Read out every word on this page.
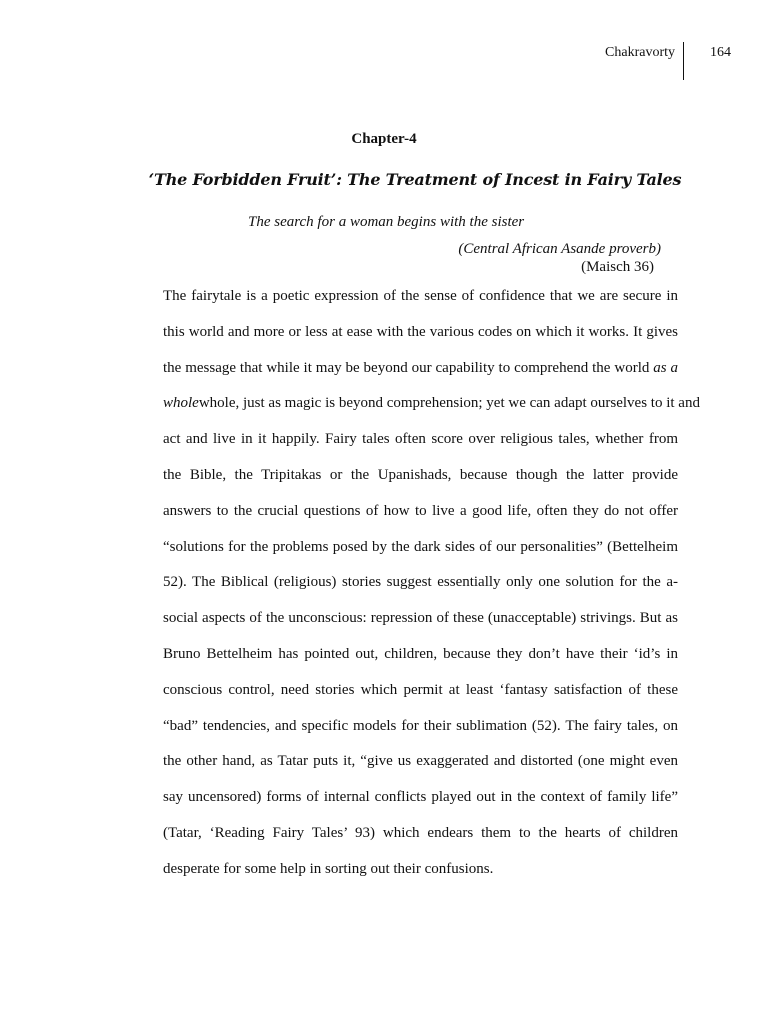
Chakravorty	164
Chapter-4
‘The Forbidden Fruit’: The Treatment of Incest in Fairy Tales
The search for a woman begins with the sister
(Central African Asande proverb)
(Maisch 36)
The fairytale is a poetic expression of the sense of confidence that we are secure in
this world and more or less at ease with the various codes on which it works. It gives
the message that while it may be beyond our capability to comprehend the world as a
wholewhole, just as magic is beyond comprehension; yet we can adapt ourselves to it and
act and live in it happily. Fairy tales often score over religious tales, whether from
the Bible, the Tripitakas or the Upanishads, because though the latter provide
answers to the crucial questions of how to live a good life, often they do not offer
“solutions for the problems posed by the dark sides of our personalities” (Bettelheim
52). The Biblical (religious) stories suggest essentially only one solution for the a-
social aspects of the unconscious: repression of these (unacceptable) strivings. But as
Bruno Bettelheim has pointed out, children, because they don’t have their ‘id’s in
conscious control, need stories which permit at least ‘fantasy satisfaction of these
“bad” tendencies, and specific models for their sublimation (52). The fairy tales, on
the other hand, as Tatar puts it, “give us exaggerated and distorted (one might even
say uncensored) forms of internal conflicts played out in the context of family life”
(Tatar, ‘Reading Fairy Tales’ 93) which endears them to the hearts of children
desperate for some help in sorting out their confusions.
